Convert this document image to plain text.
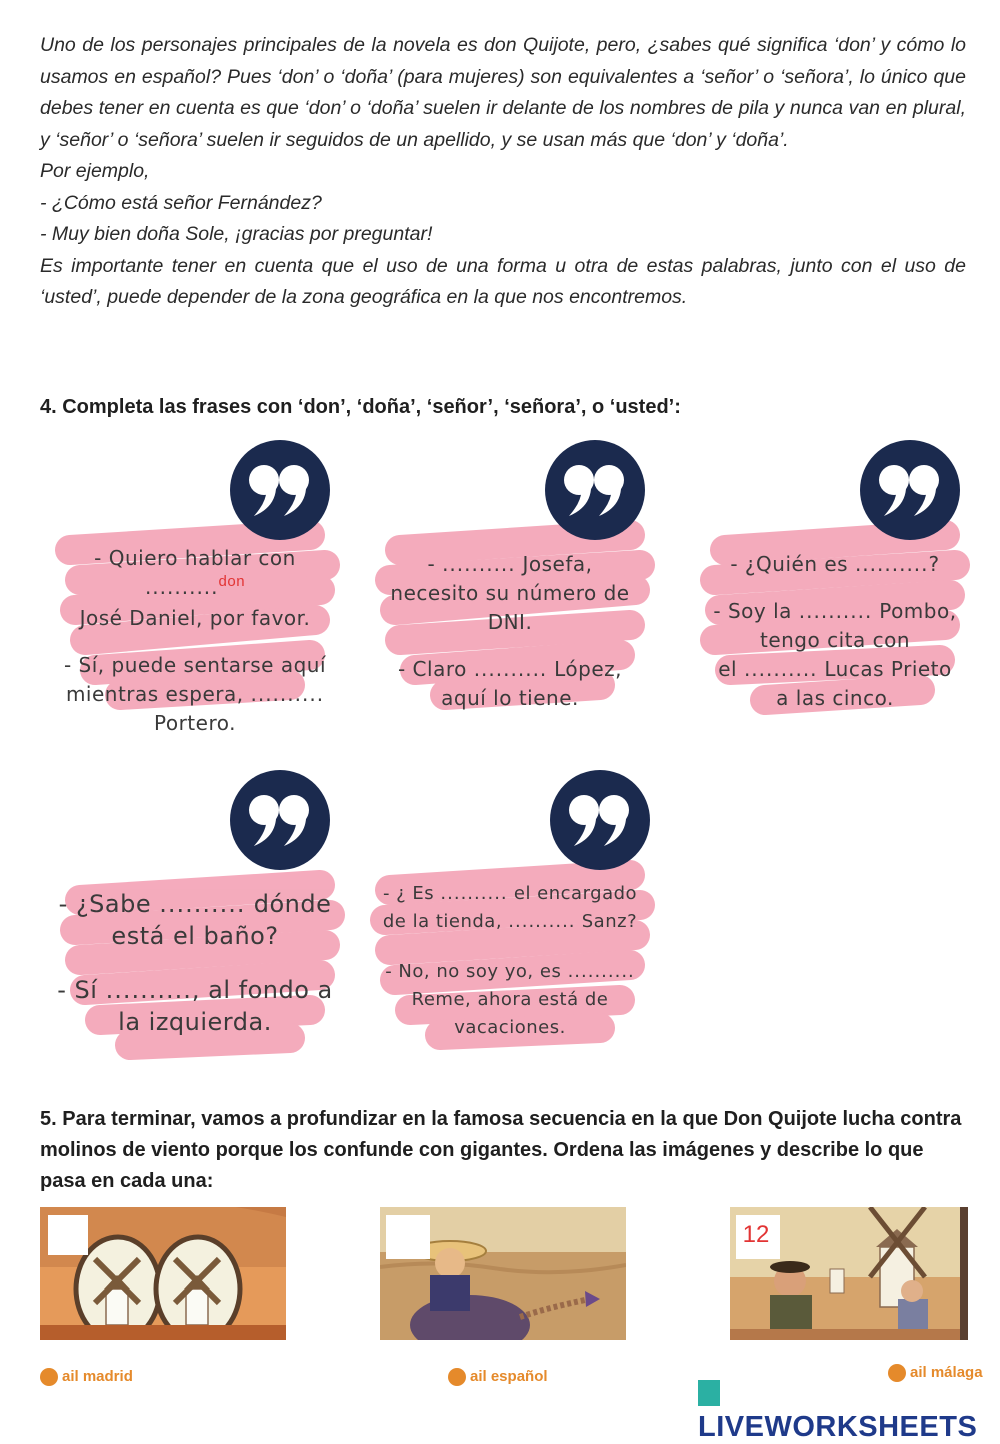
Uno de los personajes principales de la novela es don Quijote, pero, ¿sabes qué significa ‘don’ y cómo lo usamos en español? Pues ‘don’ o ‘doña’ (para mujeres) son equivalentes a ‘señor’ o ‘señora’, lo único que debes tener en cuenta es que ‘don’ o ‘doña’ suelen ir delante de los nombres de pila y nunca van en plural, y ‘señor’ o ‘señora’ suelen ir seguidos de un apellido, y se usan más que ‘don’ y ‘doña’.

Por ejemplo,

- ¿Cómo está señor Fernández?

- Muy bien doña Sole, ¡gracias por preguntar!

Es importante tener en cuenta que el uso de una forma u otra de estas palabras, junto con el uso de ‘usted’, puede depender de la zona geográfica en la que nos encontremos.

4. Completa las frases con ‘don’, ‘doña’, ‘señor’, ‘señora’, o ‘usted’:

- Quiero hablar con ..........$^{don}$
José Daniel, por favor.

- Sí, puede sentarse aquí
mientras espera, ..........
Portero.

- .......... Josefa,
necesito su número de
DNI.

- Claro .......... López,
aquí lo tiene.

- ¿Quién es ..........?

- Soy la .......... Pombo,
tengo cita con
el .......... Lucas Prieto
a las cinco.

- ¿Sabe .......... dónde
está el baño?

- Sí .........., al fondo a
la izquierda.

- ¿ Es .......... el encargado
de la tienda, .......... Sanz?

- No, no soy yo, es ..........
Reme, ahora está de
vacaciones.

5. Para terminar, vamos a profundizar en la famosa secuencia en la que Don Quijote lucha contra molinos de viento porque los confunde con gigantes. Ordena las imágenes y describe lo que pasa en cada una:
12
ail madrid	ail español	ail málaga
LIVEWORKSHEETS
